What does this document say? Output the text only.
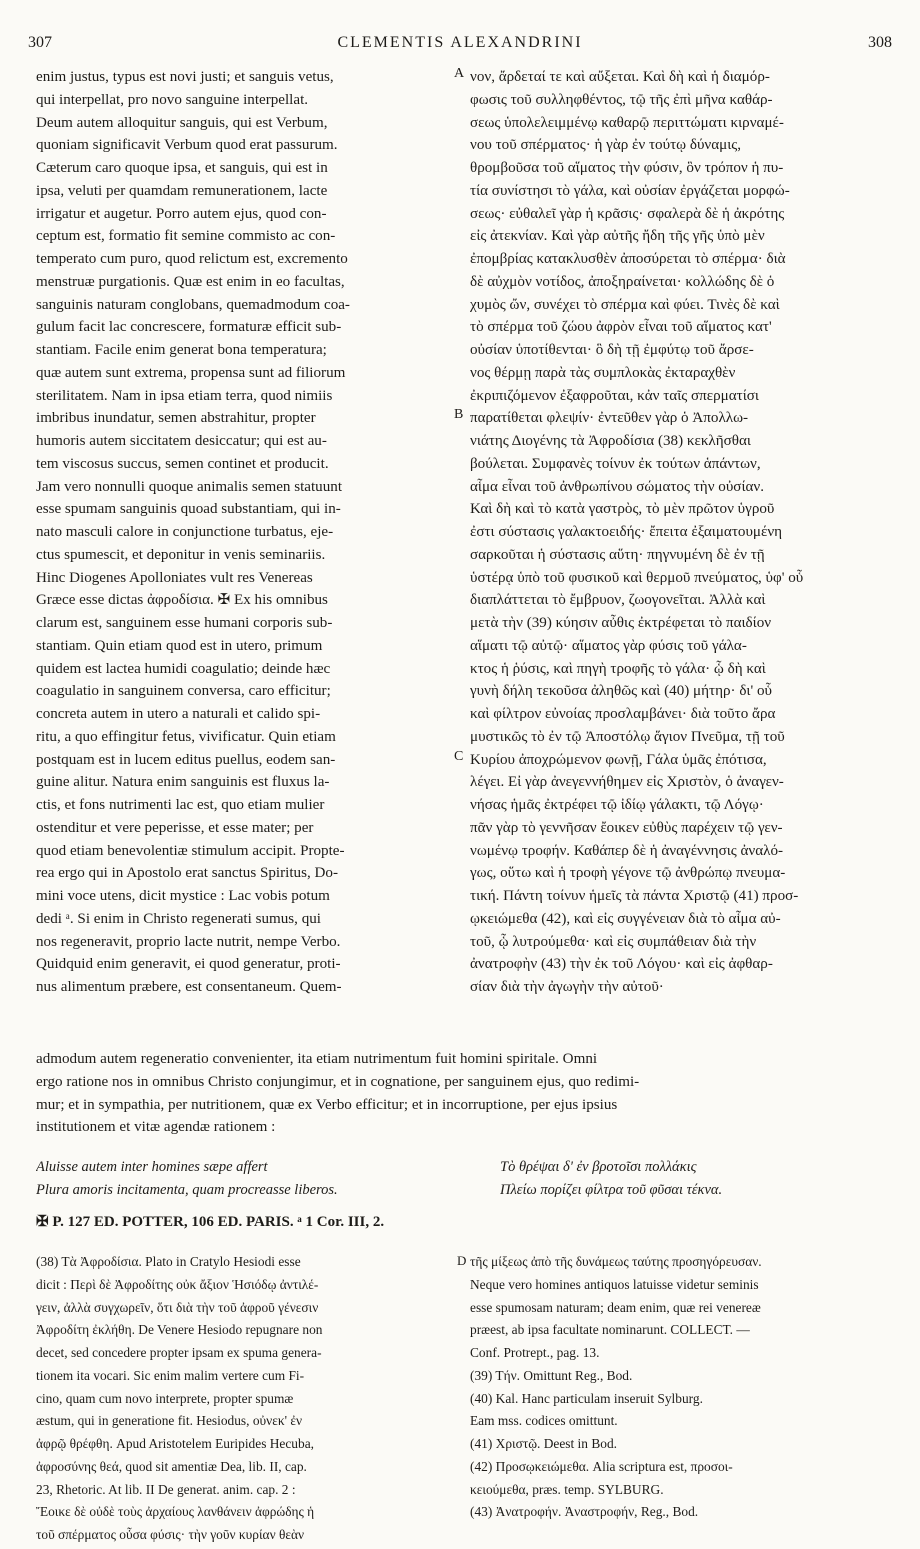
307	CLEMENTIS ALEXANDRINI	308
enim justus, typus est novi justi; et sanguis vetus,
qui interpellat, pro novo sanguine interpellat.
Deum autem alloquitur sanguis, qui est Verbum,
quoniam significavit Verbum quod erat passurum.
Cæterum caro quoque ipsa, et sanguis, qui est in
ipsa, veluti per quamdam remunerationem, lacte
irrigatur et augetur. Porro autem ejus, quod con-
ceptum est, formatio fit semine commisto ac con-
temperato cum puro, quod relictum est, excremento
menstruæ purgationis. Quæ est enim in eo facultas,
sanguinis naturam conglobans, quemadmodum coa-
gulum facit lac concrescere, formaturæ efficit sub-
stantiam. Facile enim generat bona temperatura;
quæ autem sunt extrema, propensa sunt ad filiorum
sterilitatem. Nam in ipsa etiam terra, quod nimiis
imbribus inundatur, semen abstrahitur, propter
humoris autem siccitatem desiccatur; qui est au-
tem viscosus succus, semen continet et producit.
Jam vero nonnulli quoque animalis semen statuunt
esse spumam sanguinis quoad substantiam, qui in-
nato masculi calore in conjunctione turbatus, eje-
ctus spumescit, et deponitur in venis seminariis.
Hinc Diogenes Apolloniates vult res Venereas
Græce esse dictas ἀφροδίσια. ✠ Ex his omnibus
clarum est, sanguinem esse humani corporis sub-
stantiam. Quin etiam quod est in utero, primum
quidem est lactea humidi coagulatio; deinde hæc
coagulatio in sanguinem conversa, caro efficitur;
concreta autem in utero a naturali et calido spi-
ritu, a quo effingitur fetus, vivificatur. Quin etiam
postquam est in lucem editus puellus, eodem san-
guine alitur. Natura enim sanguinis est fluxus la-
ctis, et fons nutrimenti lac est, quo etiam mulier
ostenditur et vere peperisse, et esse mater; per
quod etiam benevolentiæ stimulum accipit. Propte-
rea ergo qui in Apostolo erat sanctus Spiritus, Do-
mini voce utens, dicit mystice : Lac vobis potum
dedi ᵃ. Si enim in Christo regenerati sumus, qui
nos regeneravit, proprio lacte nutrit, nempe Verbo.
Quidquid enim generavit, ei quod generatur, proti-
nus alimentum præbere, est consentaneum. Quem-
A
B
C
νον, ἄρδεταί τε καὶ αὔξεται. Καὶ δὴ καὶ ἡ διαμόρ-
φωσις τοῦ συλληφθέντος, τῷ τῆς ἐπὶ μῆνα καθάρ-
σεως ὑπολελειμμένῳ καθαρῷ περιττώματι κιρναμέ-
νου τοῦ σπέρματος· ἡ γὰρ ἐν τούτῳ δύναμις,
θρομβοῦσα τοῦ αἵματος τὴν φύσιν, ὃν τρόπον ἡ πυ-
τία συνίστησι τὸ γάλα, καὶ οὐσίαν ἐργάζεται μορφώ-
σεως· εὐθαλεῖ γὰρ ἡ κρᾶσις· σφαλερὰ δὲ ἡ ἀκρότης
εἰς ἀτεκνίαν. Καὶ γὰρ αὐτῆς ἤδη τῆς γῆς ὑπὸ μὲν
ἐπομβρίας κατακλυσθὲν ἀποσύρεται τὸ σπέρμα· διὰ
δὲ αὐχμὸν νοτίδος, ἀποξηραίνεται· κολλώδης δὲ ὁ
χυμὸς ὤν, συνέχει τὸ σπέρμα καὶ φύει. Τινὲς δὲ καὶ
τὸ σπέρμα τοῦ ζώου ἀφρὸν εἶναι τοῦ αἵματος κατ'
οὐσίαν ὑποτίθενται· ὃ δὴ τῇ ἐμφύτῳ τοῦ ἄρσε-
νος θέρμῃ παρὰ τὰς συμπλοκὰς ἐκταραχθὲν
ἐκριπιζόμενον ἐξαφροῦται, κἀν ταῖς σπερματίσι
παρατίθεται φλεψίν· ἐντεῦθεν γὰρ ὁ Ἀπολλω-
νιάτης Διογένης τὰ Ἀφροδίσια (38) κεκλῆσθαι
βούλεται. Συμφανὲς τοίνυν ἐκ τούτων ἁπάντων,
αἷμα εἶναι τοῦ ἀνθρωπίνου σώματος τὴν οὐσίαν.
Καὶ δὴ καὶ τὸ κατὰ γαστρὸς, τὸ μὲν πρῶτον ὑγροῦ
ἐστι σύστασις γαλακτοειδής· ἔπειτα ἐξαιματουμένη
σαρκοῦται ἡ σύστασις αὕτη· πηγνυμένη δὲ ἐν τῇ
ὑστέρᾳ ὑπὸ τοῦ φυσικοῦ καὶ θερμοῦ πνεύματος, ὑφ' οὗ
διαπλάττεται τὸ ἔμβρυον, ζωογονεῖται. Ἀλλὰ καὶ
μετὰ τὴν (39) κύησιν αὖθις ἐκτρέφεται τὸ παιδίον
αἵματι τῷ αὐτῷ· αἵματος γὰρ φύσις τοῦ γάλα-
κτος ἡ ῥύσις, καὶ πηγὴ τροφῆς τὸ γάλα· ᾧ δὴ καὶ
γυνὴ δήλη τεκοῦσα ἀληθῶς καὶ (40) μήτηρ· δι' οὗ
καὶ φίλτρον εὐνοίας προσλαμβάνει· διὰ τοῦτο ἄρα
μυστικῶς τὸ ἐν τῷ Ἀποστόλῳ ἅγιον Πνεῦμα, τῇ τοῦ
Κυρίου ἀποχρώμενον φωνῇ, Γάλα ὑμᾶς ἐπότισα,
λέγει. Εἰ γὰρ ἀνεγεννήθημεν εἰς Χριστὸν, ὁ ἀναγεν-
νήσας ἡμᾶς ἐκτρέφει τῷ ἰδίῳ γάλακτι, τῷ Λόγῳ·
πᾶν γὰρ τὸ γεννῆσαν ἔοικεν εὐθὺς παρέχειν τῷ γεν-
νωμένῳ τροφήν. Καθάπερ δὲ ἡ ἀναγέννησις ἀναλό-
γως, οὕτω καὶ ἡ τροφὴ γέγονε τῷ ἀνθρώπῳ πνευμα-
τική. Πάντη τοίνυν ἡμεῖς τὰ πάντα Χριστῷ (41) προσ-
ῳκειώμεθα (42), καὶ εἰς συγγένειαν διὰ τὸ αἷμα αὐ-
τοῦ, ᾧ λυτρούμεθα· καὶ εἰς συμπάθειαν διὰ τὴν
ἀνατροφὴν (43) τὴν ἐκ τοῦ Λόγου· καὶ εἰς ἀφθαρ-
σίαν διὰ τὴν ἀγωγὴν τὴν αὐτοῦ·
admodum autem regeneratio convenienter, ita etiam nutrimentum fuit homini spiritale. Omni
ergo ratione nos in omnibus Christo conjungimur, et in cognatione, per sanguinem ejus, quo redimi-
mur; et in sympathia, per nutritionem, quæ ex Verbo efficitur; et in incorruptione, per ejus ipsius
institutionem et vitæ agendæ rationem :
Aluisse autem inter homines sæpe affert
Plura amoris incitamenta, quam procreasse liberos.
Τὸ θρέψαι δ' ἐν βροτοῖσι πολλάκις
Πλείω πορίζει φίλτρα τοῦ φῦσαι τέκνα.
✠ P. 127 ED. POTTER, 106 ED. PARIS. ᵃ 1 Cor. III, 2.
(38) Τὰ Ἀφροδίσια. Plato in Cratylo Hesiodi esse
dicit : Περὶ δὲ Ἀφροδίτης οὐκ ἄξιον Ἡσιόδῳ ἀντιλέ-
γειν, ἀλλὰ συγχωρεῖν, ὅτι διὰ τὴν τοῦ ἀφροῦ γένεσιν
Ἀφροδίτη ἐκλήθη. De Venere Hesiodo repugnare non
decet, sed concedere propter ipsam ex spuma genera-
tionem ita vocari. Sic enim malim vertere cum Fi-
cino, quam cum novo interprete, propter spumæ
æstum, qui in generatione fit. Hesiodus, οὐνεκ' ἐν
ἀφρῷ θρέφθη. Apud Aristotelem Euripides Hecuba,
ἀφροσύνης θεά, quod sit amentiæ Dea, lib. II, cap.
23, Rhetoric. At lib. II De generat. anim. cap. 2 :
Ἔοικε δὲ οὐδὲ τοὺς ἀρχαίους λανθάνειν ἀφρώδης ἡ
τοῦ σπέρματος οὖσα φύσις· τὴν γοῦν κυρίαν θεὰν
D τῆς μίξεως ἀπὸ τῆς δυνάμεως ταύτης προσηγόρευσαν.
Neque vero homines antiquos latuisse videtur seminis
esse spumosam naturam; deam enim, quæ rei venereæ
præest, ab ipsa facultate nominarunt. COLLECT. —
Conf. Protrept., pag. 13.
(39) Τήν. Omittunt Reg., Bod.
(40) Kal. Hanc particulam inseruit Sylburg.
Eam mss. codices omittunt.
(41) Χριστῷ. Deest in Bod.
(42) Προσῳκειώμεθα. Alia scriptura est, προσοι-
κειούμεθα, præs. temp. SYLBURG.
(43) Ἀνατροφήν. Ἀναστροφήν, Reg., Bod.
